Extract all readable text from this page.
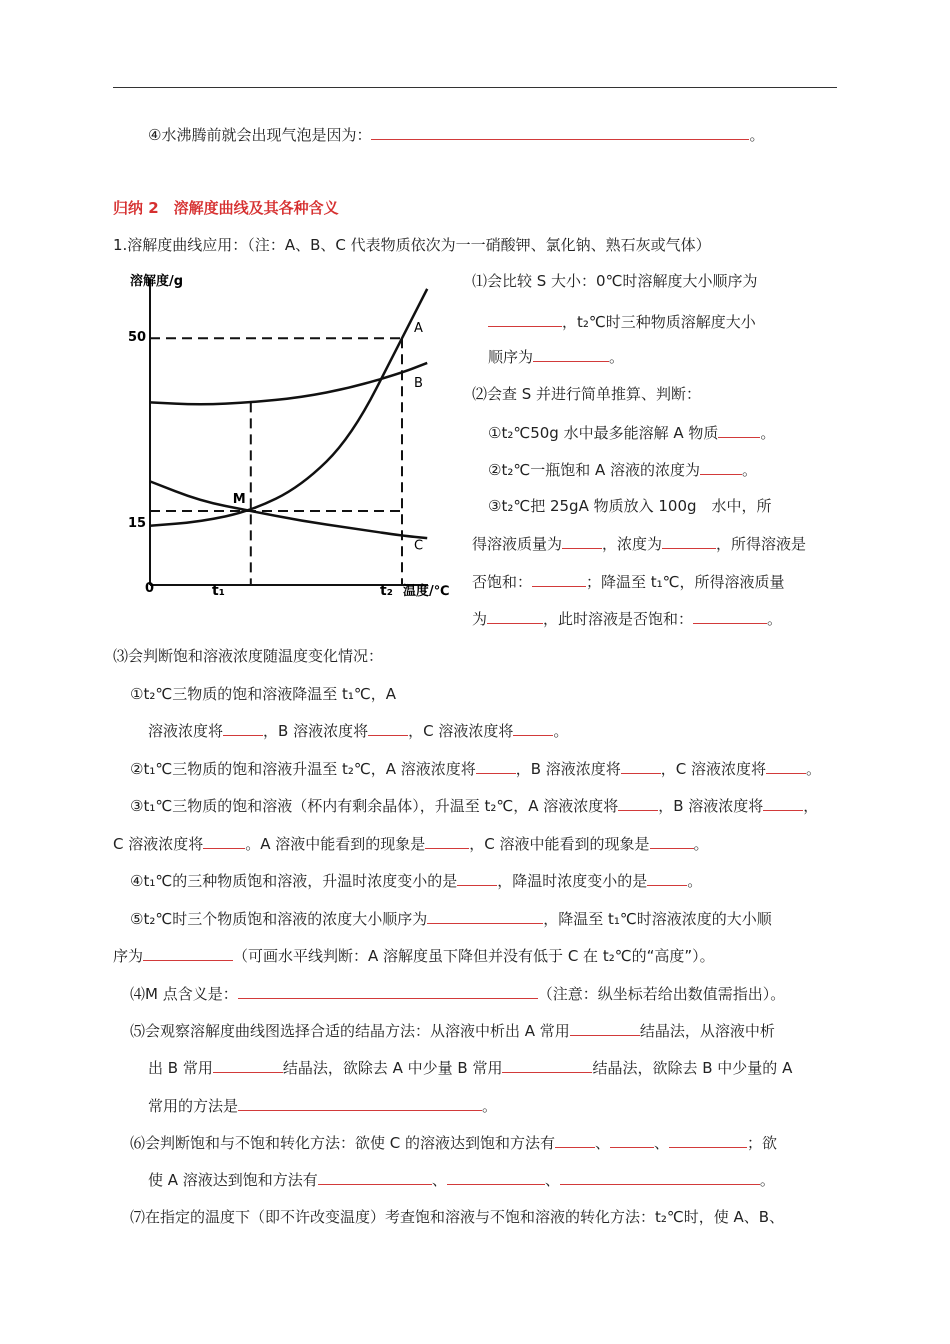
④水沸腾前就会出现气泡是因为：	。
归纳 2　溶解度曲线及其各种含义
1.溶解度曲线应用：（注：A、B、C 代表物质依次为一一硝酸钾、氯化钠、熟石灰或气体）
溶解度/g
温度/℃
50
15
0	t₁	t₂
A
B
C
M
⑴会比较 S 大小：0℃时溶解度大小顺序为
，t₂℃时三种物质溶解度大小
顺序为	。
⑵会查 S 并进行简单推算、判断：
①t₂℃50g 水中最多能溶解 A 物质	。
②t₂℃一瓶饱和 A 溶液的浓度为	。
③t₂℃把 25gA 物质放入 100g　水中，所
得溶液质量为	，浓度为	，所得溶液是
否饱和：	；降温至 t₁℃，所得溶液质量
为	，此时溶液是否饱和：	。
⑶会判断饱和溶液浓度随温度变化情况：
①t₂℃三物质的饱和溶液降温至 t₁℃，A
溶液浓度将	，B 溶液浓度将	，C 溶液浓度将	。
②t₁℃三物质的饱和溶液升温至 t₂℃，A 溶液浓度将	，B 溶液浓度将	，C 溶液浓度将	。
③t₁℃三物质的饱和溶液（杯内有剩余晶体），升温至 t₂℃，A 溶液浓度将	，B 溶液浓度将	，
C 溶液浓度将	。A 溶液中能看到的现象是	，C 溶液中能看到的现象是	。
④t₁℃的三种物质饱和溶液，升温时浓度变小的是	，降温时浓度变小的是	。
⑤t₂℃时三个物质饱和溶液的浓度大小顺序为	，降温至 t₁℃时溶液浓度的大小顺
序为	（可画水平线判断：A 溶解度虽下降但并没有低于 C 在 t₂℃的“高度”）。
⑷M 点含义是：	（注意：纵坐标若给出数值需指出）。
⑸会观察溶解度曲线图选择合适的结晶方法：从溶液中析出 A 常用	结晶法，从溶液中析
出 B 常用	结晶法，欲除去 A 中少量 B 常用	结晶法，欲除去 B 中少量的 A
常用的方法是	。
⑹会判断饱和与不饱和转化方法：欲使 C 的溶液达到饱和方法有	、	、	；欲
使 A 溶液达到饱和方法有	、	、	。
⑺在指定的温度下（即不许改变温度）考查饱和溶液与不饱和溶液的转化方法：t₂℃时，使 A、B、
